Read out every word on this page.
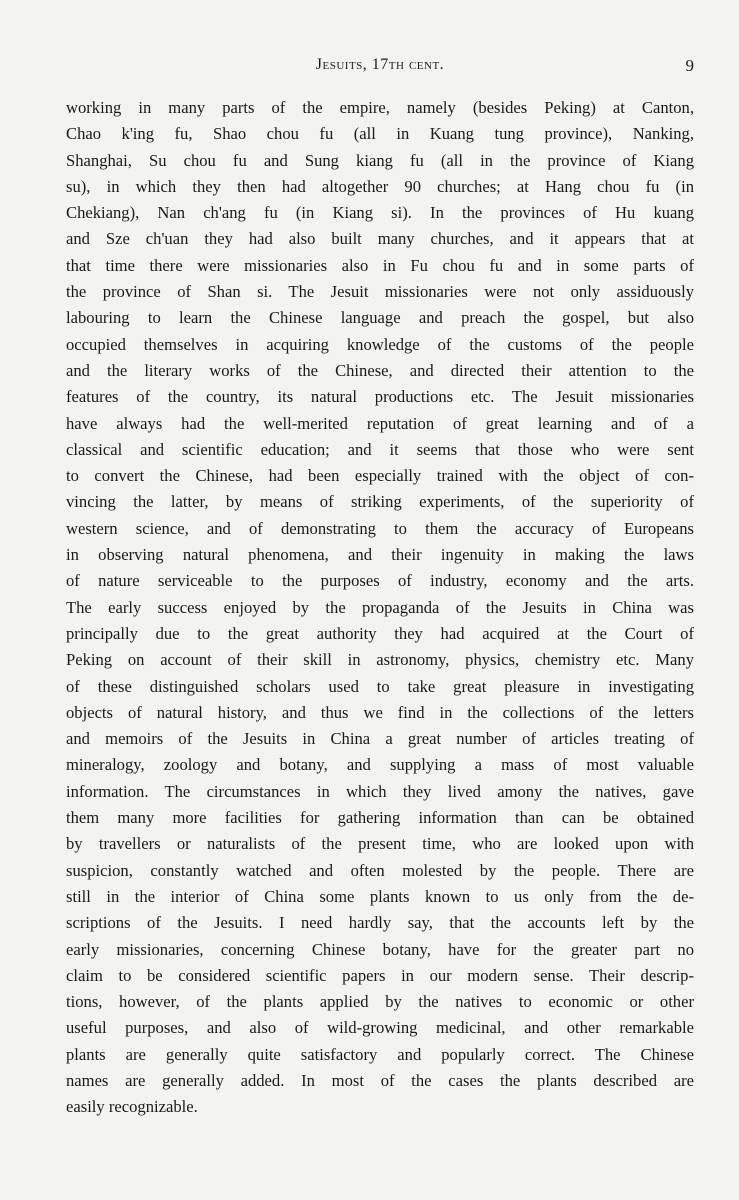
Jesuits, 17th cent.	9
working in many parts of the empire, namely (besides Peking) at Canton,
Chao k'ing fu, Shao chou fu (all in Kuang tung province), Nanking,
Shanghai, Su chou fu and Sung kiang fu (all in the province of Kiang
su), in which they then had altogether 90 churches; at Hang chou fu (in
Chekiang), Nan ch'ang fu (in Kiang si). In the provinces of Hu kuang
and Sze ch'uan they had also built many churches, and it appears that at
that time there were missionaries also in Fu chou fu and in some parts of
the province of Shan si. The Jesuit missionaries were not only assiduously
labouring to learn the Chinese language and preach the gospel, but also
occupied themselves in acquiring knowledge of the customs of the people
and the literary works of the Chinese, and directed their attention to the
features of the country, its natural productions etc. The Jesuit missionaries
have always had the well-merited reputation of great learning and of a
classical and scientific education; and it seems that those who were sent
to convert the Chinese, had been especially trained with the object of con-
vincing the latter, by means of striking experiments, of the superiority of
western science, and of demonstrating to them the accuracy of Europeans
in observing natural phenomena, and their ingenuity in making the laws
of nature serviceable to the purposes of industry, economy and the arts.
The early success enjoyed by the propaganda of the Jesuits in China was
principally due to the great authority they had acquired at the Court of
Peking on account of their skill in astronomy, physics, chemistry etc. Many
of these distinguished scholars used to take great pleasure in investigating
objects of natural history, and thus we find in the collections of the letters
and memoirs of the Jesuits in China a great number of articles treating of
mineralogy, zoology and botany, and supplying a mass of most valuable
information. The circumstances in which they lived amony the natives, gave
them many more facilities for gathering information than can be obtained
by travellers or naturalists of the present time, who are looked upon with
suspicion, constantly watched and often molested by the people. There are
still in the interior of China some plants known to us only from the de-
scriptions of the Jesuits. I need hardly say, that the accounts left by the
early missionaries, concerning Chinese botany, have for the greater part no
claim to be considered scientific papers in our modern sense. Their descrip-
tions, however, of the plants applied by the natives to economic or other
useful purposes, and also of wild-growing medicinal, and other remarkable
plants are generally quite satisfactory and popularly correct. The Chinese
names are generally added. In most of the cases the plants described are
easily recognizable.
